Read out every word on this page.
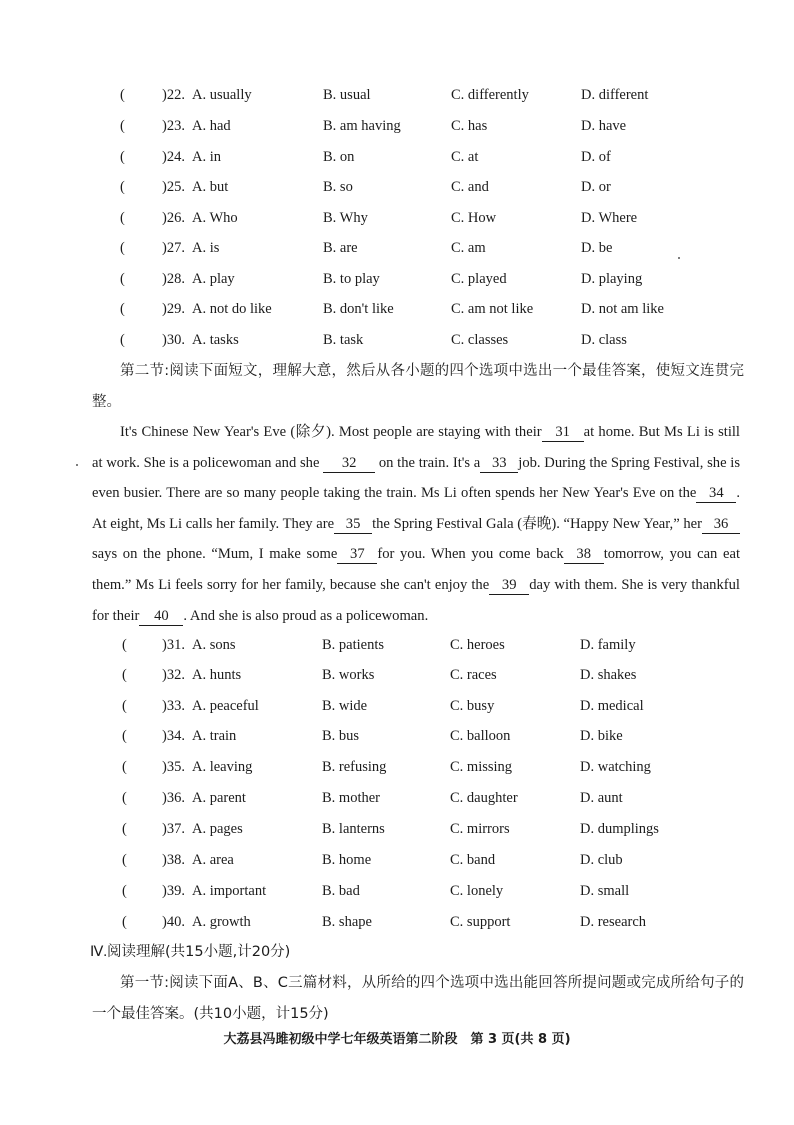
(	)22. A. usually	B. usual	C. differently	D. different
(	)23. A. had	B. am having	C. has	D. have
(	)24. A. in	B. on	C. at	D. of
(	)25. A. but	B. so	C. and	D. or
(	)26. A. Who	B. Why	C. How	D. Where
(	)27. A. is	B. are	C. am	D. be
(	)28. A. play	B. to play	C. played	D. playing
(	)29. A. not do like	B. don't like	C. am not like	D. not am like
(	)30. A. tasks	B. task	C. classes	D. class
第二节:阅读下面短文，理解大意，然后从各小题的四个选项中选出一个最佳答案，使短文连贯完整。
It's Chinese New Year's Eve (除夕). Most people are staying with their 31 at home. But Ms Li is still at work. She is a policewoman and she 32 on the train. It's a 33 job. During the Spring Festival, she is even busier. There are so many people taking the train. Ms Li often spends her New Year's Eve on the 34 . At eight, Ms Li calls her family. They are 35 the Spring Festival Gala (春晚). “Happy New Year,” her 36says on the phone. “Mum, I make some 37 for you. When you come back 38 tomorrow, you can eat them.” Ms Li feels sorry for her family, because she can't enjoy the 39 day with them. She is very thankful for their 40 . And she is also proud as a policewoman.
( )31. A. sons	B. patients	C. heroes	D. family
( )32. A. hunts	B. works	C. races	D. shakes
( )33. A. peaceful	B. wide	C. busy	D. medical
( )34. A. train	B. bus	C. balloon	D. bike
( )35. A. leaving	B. refusing	C. missing	D. watching
( )36. A. parent	B. mother	C. daughter	D. aunt
( )37. A. pages	B. lanterns	C. mirrors	D. dumplings
( )38. A. area	B. home	C. band	D. club
( )39. A. important	B. bad	C. lonely	D. small
( )40. A. growth	B. shape	C. support	D. research
Ⅳ.阅读理解(共15小题,计20分)
第一节:阅读下面A、B、C三篇材料，从所给的四个选项中选出能回答所提问题或完成所给句子的一个最佳答案。(共10小题，计15分)
大荔县冯雎初级中学七年级英语第二阶段　第 3 页(共 8 页)
